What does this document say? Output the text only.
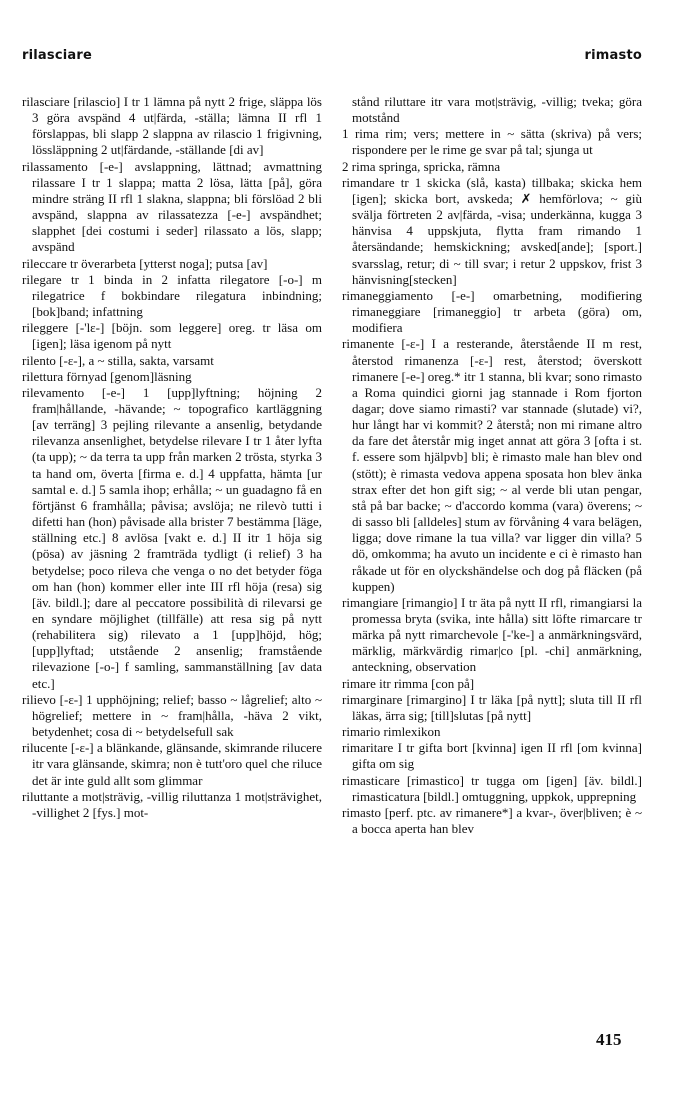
rilasciare	rimasto

rilasciare [rilascio] I tr 1 lämna på nytt 2 frige, släppa lös 3 göra avspänd 4 ut|färda, -ställa; lämna II rfl 1 förslappas, bli slapp 2 slappna av rilascio 1 frigivning, lössläppning 2 ut|färdande, -ställande [di av]

rilassamento [-e-] avslappning, lättnad; avmattning rilassare I tr 1 slappa; matta 2 lösa, lätta [på], göra mindre sträng II rfl 1 slakna, slappna; bli förslöad 2 bli avspänd, slappna av rilassatezza [-e-] avspändhet; slapphet [dei costumi i seder] rilassato a lös, slapp; avspänd

rileccare tr överarbeta [ytterst noga]; putsa [av]

rilegare tr 1 binda in 2 infatta rilegatore [-o-] m rilegatrice f bokbindare rilegatura inbindning; [bok]band; infattning

rileggere [-'lε-] [böjn. som leggere] oreg. tr läsa om [igen]; läsa igenom på nytt

rilento [-ε-], a ~ stilla, sakta, varsamt

rilettura förnyad [genom]läsning

rilevamento [-e-] 1 [upp]lyftning; höjning 2 fram|hållande, -hävande; ~ topografico kartläggning [av terräng] 3 pejling rilevante a ansenlig, betydande rilevanza ansenlighet, betydelse rilevare I tr 1 åter lyfta (ta upp); ~ da terra ta upp från marken 2 trösta, styrka 3 ta hand om, överta [firma e. d.] 4 uppfatta, hämta [ur samtal e. d.] 5 samla ihop; erhålla; ~ un guadagno få en förtjänst 6 framhålla; påvisa; avslöja; ne rilevò tutti i difetti han (hon) påvisade alla brister 7 bestämma [läge, ställning etc.] 8 avlösa [vakt e. d.] II itr 1 höja sig (pösa) av jäsning 2 framträda tydligt (i relief) 3 ha betydelse; poco rileva che venga o no det betyder föga om han (hon) kommer eller inte III rfl höja (resa) sig [äv. bildl.]; dare al peccatore possibilità di rilevarsi ge en syndare möjlighet (tillfälle) att resa sig på nytt (rehabilitera sig) rilevato a 1 [upp]höjd, hög; [upp]lyftad; utstående 2 ansenlig; framstående rilevazione [-o-] f samling, sammanställning [av data etc.]

rilievo [-ε-] 1 upphöjning; relief; basso ~ lågrelief; alto ~ högrelief; mettere in ~ fram|hålla, -häva 2 vikt, betydenhet; cosa di ~ betydelsefull sak

rilucente [-ε-] a blänkande, glänsande, skimrande rilucere itr vara glänsande, skimra; non è tutt'oro quel che riluce det är inte guld allt som glimmar

riluttante a mot|strävig, -villig riluttanza 1 mot|strävighet, -villighet 2 [fys.] mot-

stånd riluttare itr vara mot|strävig, -villig; tveka; göra motstånd

1 rima rim; vers; mettere in ~ sätta (skriva) på vers; rispondere per le rime ge svar på tal; sjunga ut

2 rima springa, spricka, rämna

rimandare tr 1 skicka (slå, kasta) tillbaka; skicka hem [igen]; skicka bort, avskeda; ✗ hemförlova; ~ giù svälja förtreten 2 av|färda, -visa; underkänna, kugga 3 hänvisa 4 uppskjuta, flytta fram rimando 1 återsändande; hemskickning; avsked[ande]; [sport.] svarsslag, retur; di ~ till svar; i retur 2 uppskov, frist 3 hänvisning[stecken]

rimaneggiamento [-e-] omarbetning, modifiering rimaneggiare [rimaneggio] tr arbeta (göra) om, modifiera

rimanente [-ε-] I a resterande, återstående II m rest, återstod rimanenza [-ε-] rest, återstod; överskott rimanere [-e-] oreg.* itr 1 stanna, bli kvar; sono rimasto a Roma quindici giorni jag stannade i Rom fjorton dagar; dove siamo rimasti? var stannade (slutade) vi?, hur långt har vi kommit? 2 återstå; non mi rimane altro da fare det återstår mig inget annat att göra 3 [ofta i st. f. essere som hjälpvb] bli; è rimasto male han blev ond (stött); è rimasta vedova appena sposata hon blev änka strax efter det hon gift sig; ~ al verde bli utan pengar, stå på bar backe; ~ d'accordo komma (vara) överens; ~ di sasso bli [alldeles] stum av förvåning 4 vara belägen, ligga; dove rimane la tua villa? var ligger din villa? 5 dö, omkomma; ha avuto un incidente e ci è rimasto han råkade ut för en olyckshändelse och dog på fläcken (på kuppen)

rimangiare [rimangio] I tr äta på nytt II rfl, rimangiarsi la promessa bryta (svika, inte hålla) sitt löfte rimarcare tr märka på nytt rimarchevole [-'ke-] a anmärkningsvärd, märklig, märkvärdig rimar|co [pl. -chi] anmärkning, anteckning, observation

rimare itr rimma [con på]

rimarginare [rimargino] I tr läka [på nytt]; sluta till II rfl läkas, ärra sig; [till]slutas [på nytt]

rimario rimlexikon

rimaritare I tr gifta bort [kvinna] igen II rfl [om kvinna] gifta om sig

rimasticare [rimastico] tr tugga om [igen] [äv. bildl.] rimasticatura [bildl.] omtuggning, uppkok, upprepning

rimasto [perf. ptc. av rimanere*] a kvar-, över|bliven; è ~ a bocca aperta han blev

415
